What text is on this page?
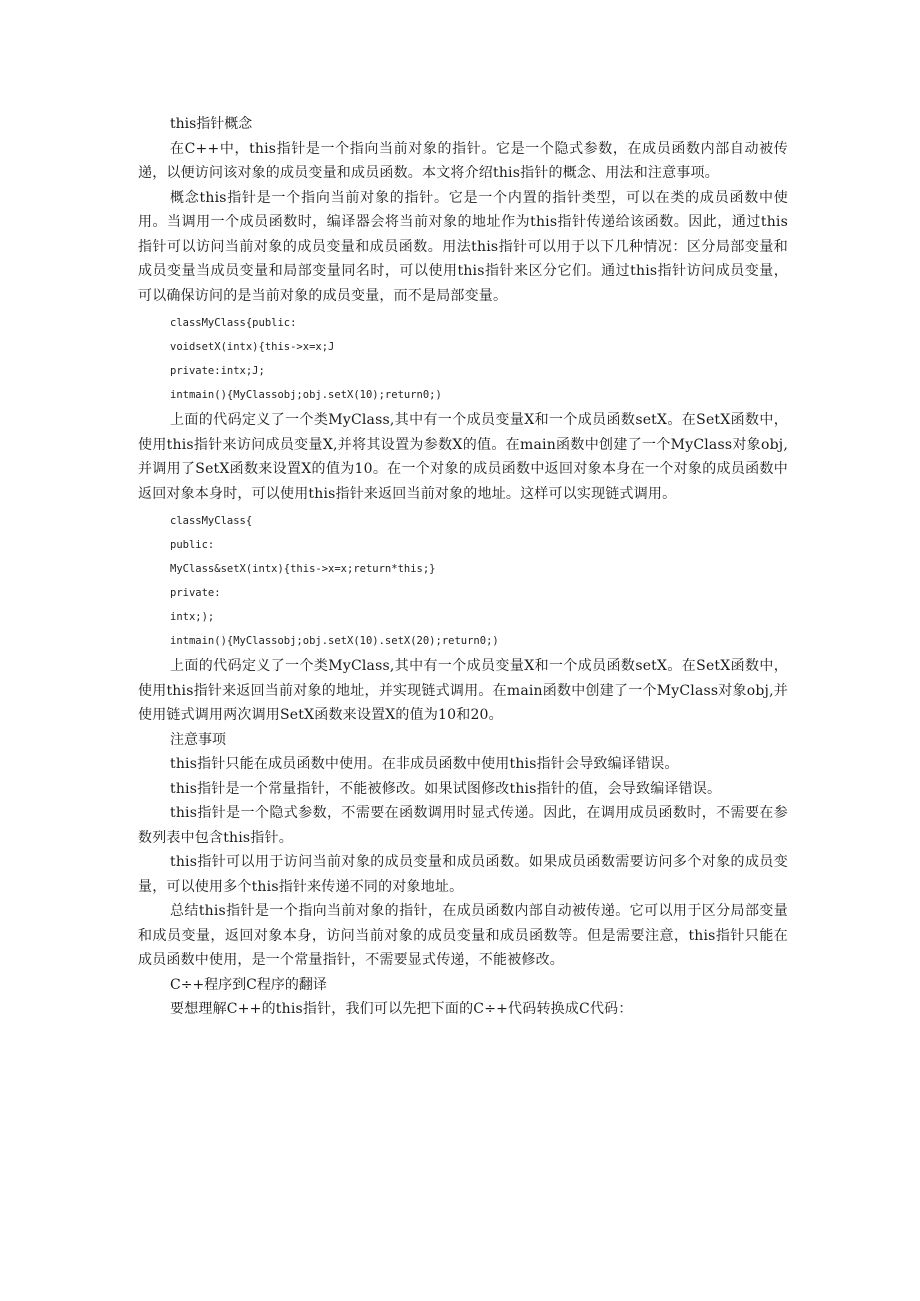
this指针概念

在C++中，this指针是一个指向当前对象的指针。它是一个隐式参数，在成员函数内部自动被传递，以便访问该对象的成员变量和成员函数。本文将介绍this指针的概念、用法和注意事项。

概念this指针是一个指向当前对象的指针。它是一个内置的指针类型，可以在类的成员函数中使用。当调用一个成员函数时，编译器会将当前对象的地址作为this指针传递给该函数。因此，通过this指针可以访问当前对象的成员变量和成员函数。用法this指针可以用于以下几种情况：区分局部变量和成员变量当成员变量和局部变量同名时，可以使用this指针来区分它们。通过this指针访问成员变量，可以确保访问的是当前对象的成员变量，而不是局部变量。

classMyClass{public:

voidsetX(intx){this->x=x;J

private:intx;J;

intmain(){MyClassobj;obj.setX(10);return0;)

上面的代码定义了一个类MyClass,其中有一个成员变量X和一个成员函数setX。在SetX函数中，使用this指针来访问成员变量X,并将其设置为参数X的值。在main函数中创建了一个MyClass对象obj,并调用了SetX函数来设置X的值为10。在一个对象的成员函数中返回对象本身在一个对象的成员函数中返回对象本身时，可以使用this指针来返回当前对象的地址。这样可以实现链式调用。

classMyClass{

public:

MyClass&setX(intx){this->x=x;return*this;}

private:

intx;);

intmain(){MyClassobj;obj.setX(10).setX(20);return0;)

上面的代码定义了一个类MyClass,其中有一个成员变量X和一个成员函数setX。在SetX函数中，使用this指针来返回当前对象的地址，并实现链式调用。在main函数中创建了一个MyClass对象obj,并使用链式调用两次调用SetX函数来设置X的值为10和20。

注意事项

this指针只能在成员函数中使用。在非成员函数中使用this指针会导致编译错误。

this指针是一个常量指针，不能被修改。如果试图修改this指针的值，会导致编译错误。

this指针是一个隐式参数，不需要在函数调用时显式传递。因此，在调用成员函数时，不需要在参数列表中包含this指针。

this指针可以用于访问当前对象的成员变量和成员函数。如果成员函数需要访问多个对象的成员变量，可以使用多个this指针来传递不同的对象地址。

总结this指针是一个指向当前对象的指针，在成员函数内部自动被传递。它可以用于区分局部变量和成员变量，返回对象本身，访问当前对象的成员变量和成员函数等。但是需要注意，this指针只能在成员函数中使用，是一个常量指针，不需要显式传递，不能被修改。

C÷+程序到C程序的翻译

要想理解C++的this指针，我们可以先把下面的C÷+代码转换成C代码：
